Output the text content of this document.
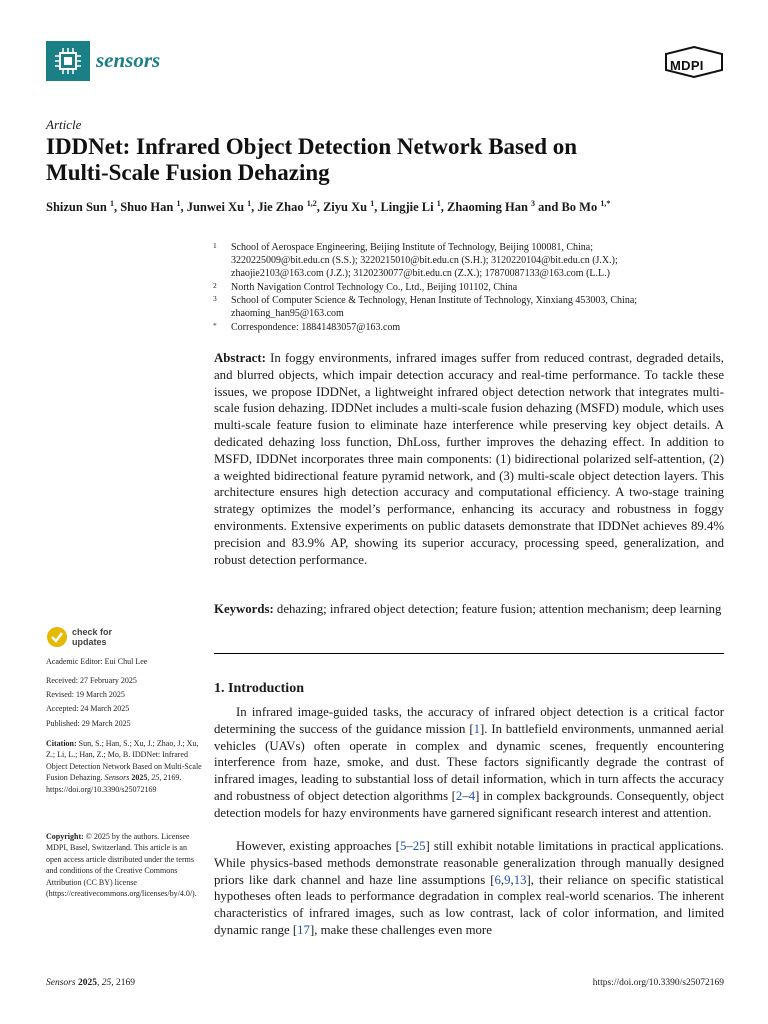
sensors	MDPI
Article
IDDNet: Infrared Object Detection Network Based on
Multi-Scale Fusion Dehazing
Shizun Sun $^1$, Shuo Han $^1$, Junwei Xu $^1$, Jie Zhao $^{1,2}$, Ziyu Xu $^1$, Lingjie Li $^1$, Zhaoming Han $^3$ and Bo Mo $^{1,*}$
1 School of Aerospace Engineering, Beijing Institute of Technology, Beijing 100081, China;
3220225009@bit.edu.cn (S.S.); 3220215010@bit.edu.cn (S.H.); 3120220104@bit.edu.cn (J.X.);
zhaojie2103@163.com (J.Z.); 3120230077@bit.edu.cn (Z.X.); 17870087133@163.com (L.L.)
2 North Navigation Control Technology Co., Ltd., Beijing 101102, China
3 School of Computer Science & Technology, Henan Institute of Technology, Xinxiang 453003, China;
zhaoming_han95@163.com
* Correspondence: 18841483057@163.com
Abstract: In foggy environments, infrared images suffer from reduced contrast, degraded details, and blurred objects, which impair detection accuracy and real-time performance. To tackle these issues, we propose IDDNet, a lightweight infrared object detection network that integrates multi-scale fusion dehazing. IDDNet includes a multi-scale fusion dehazing (MSFD) module, which uses multi-scale feature fusion to eliminate haze interference while preserving key object details. A dedicated dehazing loss function, DhLoss, further improves the dehazing effect. In addition to MSFD, IDDNet incorporates three main components: (1) bidirectional polarized self-attention, (2) a weighted bidirectional feature pyramid network, and (3) multi-scale object detection layers. This architecture ensures high detection accuracy and computational efficiency. A two-stage training strategy optimizes the model’s performance, enhancing its accuracy and robustness in foggy environments. Extensive experiments on public datasets demonstrate that IDDNet achieves 89.4% precision and 83.9% AP, showing its superior accuracy, processing speed, generalization, and robust detection performance.
Keywords: dehazing; infrared object detection; feature fusion; attention mechanism; deep learning
check for
updates
Academic Editor: Eui Chul Lee
Received: 27 February 2025
Revised: 19 March 2025
Accepted: 24 March 2025
Published: 29 March 2025
Citation: Sun, S.; Han, S.; Xu, J.; Zhao, J.; Xu, Z.; Li, L.; Han, Z.; Mo, B. IDDNet: Infrared Object Detection Network Based on Multi-Scale Fusion Dehazing. Sensors 2025, 25, 2169. https://doi.org/10.3390/s25072169
Copyright: © 2025 by the authors. Licensee MDPI, Basel, Switzerland. This article is an open access article distributed under the terms and conditions of the Creative Commons Attribution (CC BY) license (https://creativecommons.org/licenses/by/4.0/).
1. Introduction
In infrared image-guided tasks, the accuracy of infrared object detection is a critical factor determining the success of the guidance mission [1]. In battlefield environments, unmanned aerial vehicles (UAVs) often operate in complex and dynamic scenes, frequently encountering interference from haze, smoke, and dust. These factors significantly degrade the contrast of infrared images, leading to substantial loss of detail information, which in turn affects the accuracy and robustness of object detection algorithms [2–4] in complex backgrounds. Consequently, object detection models for hazy environments have garnered significant research interest and attention.
However, existing approaches [5–25] still exhibit notable limitations in practical applications. While physics-based methods demonstrate reasonable generalization through manually designed priors like dark channel and haze line assumptions [6,9,13], their reliance on specific statistical hypotheses often leads to performance degradation in complex real-world scenarios. The inherent characteristics of infrared images, such as low contrast, lack of color information, and limited dynamic range [17], make these challenges even more
Sensors 2025, 25, 2169	https://doi.org/10.3390/s25072169
